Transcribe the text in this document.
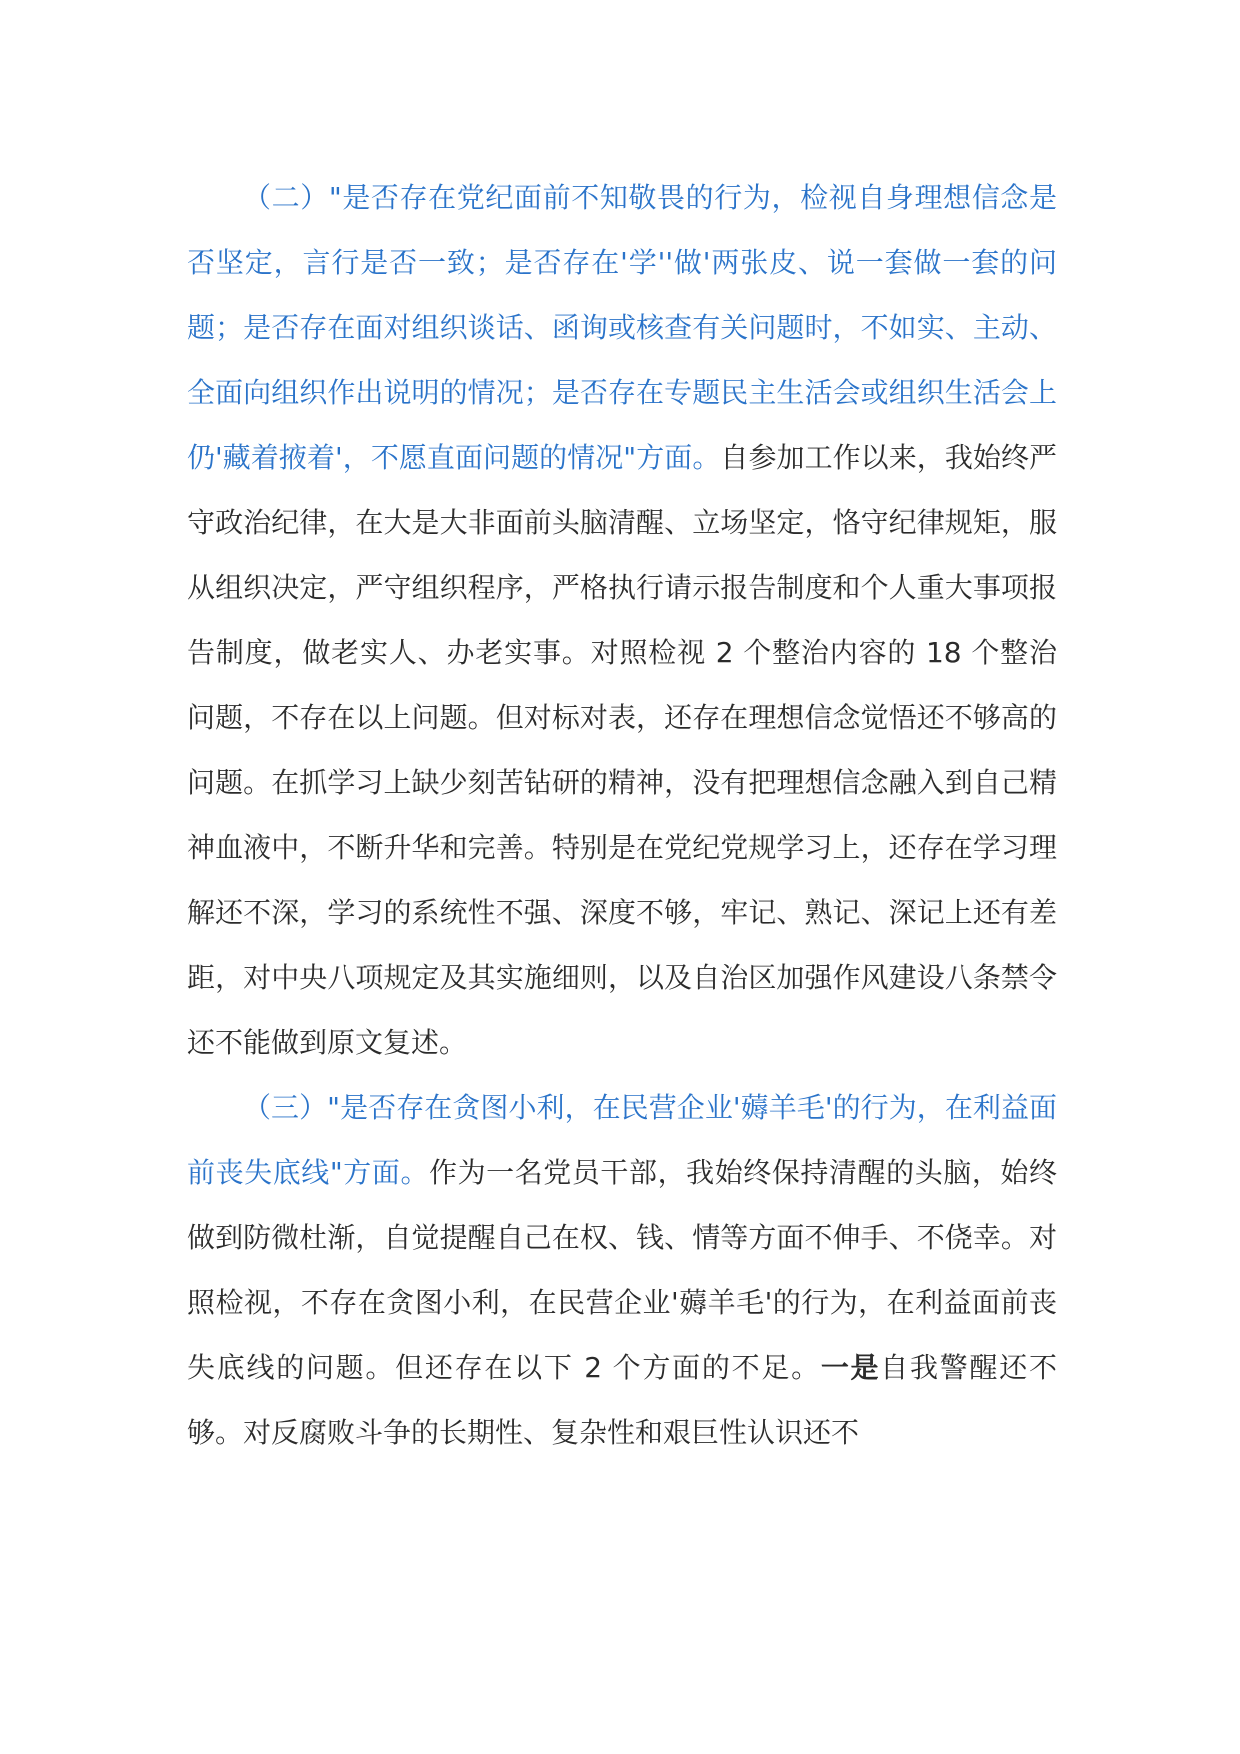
（二）"是否存在党纪面前不知敬畏的行为，检视自身理想信念是否坚定，言行是否一致；是否存在'学''做'两张皮、说一套做一套的问题；是否存在面对组织谈话、函询或核查有关问题时，不如实、主动、全面向组织作出说明的情况；是否存在专题民主生活会或组织生活会上仍'藏着掖着'，不愿直面问题的情况"方面。自参加工作以来，我始终严守政治纪律，在大是大非面前头脑清醒、立场坚定，恪守纪律规矩，服从组织决定，严守组织程序，严格执行请示报告制度和个人重大事项报告制度，做老实人、办老实事。对照检视 2 个整治内容的 18 个整治问题，不存在以上问题。但对标对表，还存在理想信念觉悟还不够高的问题。在抓学习上缺少刻苦钻研的精神，没有把理想信念融入到自己精神血液中，不断升华和完善。特别是在党纪党规学习上，还存在学习理解还不深，学习的系统性不强、深度不够，牢记、熟记、深记上还有差距，对中央八项规定及其实施细则，以及自治区加强作风建设八条禁令还不能做到原文复述。

（三）"是否存在贪图小利，在民营企业'薅羊毛'的行为，在利益面前丧失底线"方面。作为一名党员干部，我始终保持清醒的头脑，始终做到防微杜渐，自觉提醒自己在权、钱、情等方面不伸手、不侥幸。对照检视，不存在贪图小利，在民营企业'薅羊毛'的行为，在利益面前丧失底线的问题。但还存在以下 2 个方面的不足。一是自我警醒还不够。对反腐败斗争的长期性、复杂性和艰巨性认识还不
